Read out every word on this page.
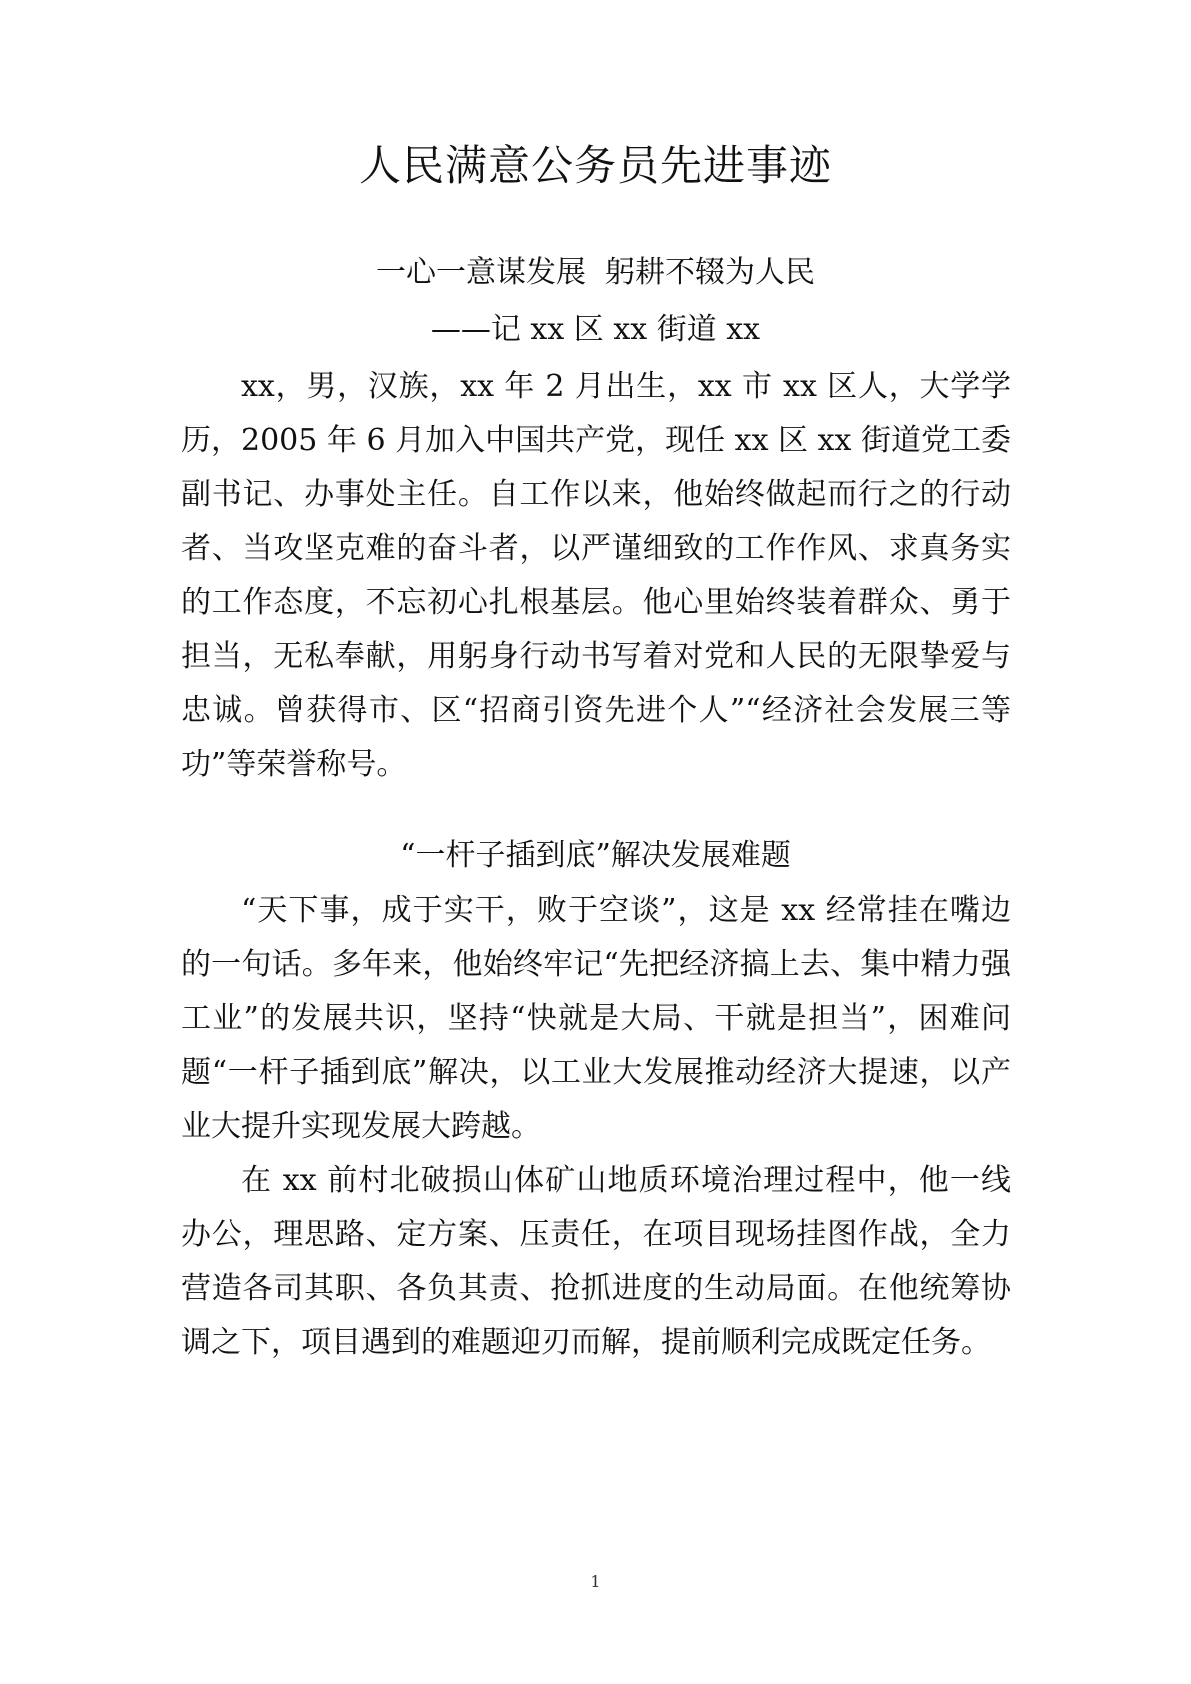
人民满意公务员先进事迹
一心一意谋发展  躬耕不辍为人民
——记 xx 区 xx 街道 xx

xx，男，汉族，xx 年 2 月出生，xx 市 xx 区人，大学学历，2005 年 6 月加入中国共产党，现任 xx 区 xx 街道党工委副书记、办事处主任。自工作以来，他始终做起而行之的行动者、当攻坚克难的奋斗者，以严谨细致的工作作风、求真务实的工作态度，不忘初心扎根基层。他心里始终装着群众、勇于担当，无私奉献，用躬身行动书写着对党和人民的无限挚爱与忠诚。曾获得市、区“招商引资先进个人”“经济社会发展三等功”等荣誉称号。

“一杆子插到底”解决发展难题

“天下事，成于实干，败于空谈”，这是 xx 经常挂在嘴边的一句话。多年来，他始终牢记“先把经济搞上去、集中精力强工业”的发展共识，坚持“快就是大局、干就是担当”，困难问题“一杆子插到底”解决，以工业大发展推动经济大提速，以产业大提升实现发展大跨越。

在 xx 前村北破损山体矿山地质环境治理过程中，他一线办公，理思路、定方案、压责任，在项目现场挂图作战，全力营造各司其职、各负其责、抢抓进度的生动局面。在他统筹协调之下，项目遇到的难题迎刃而解，提前顺利完成既定任务。

1
